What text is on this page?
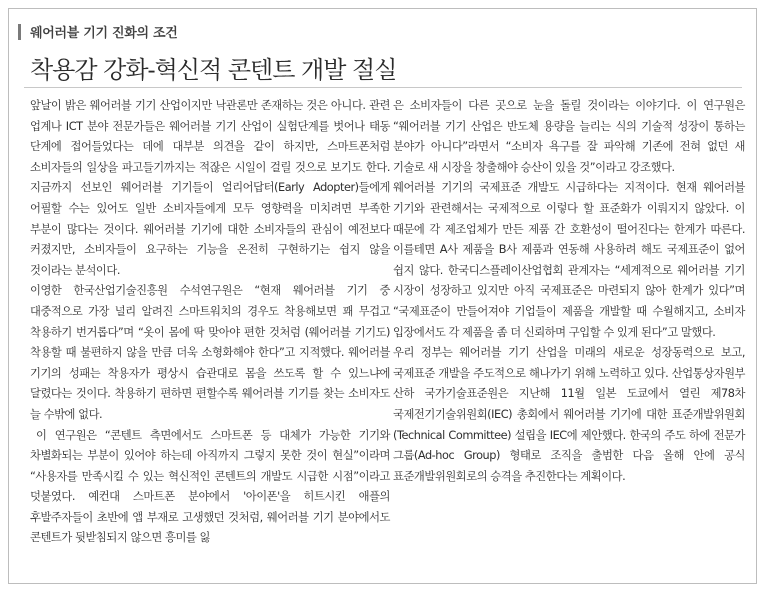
웨어러블 기기 진화의 조건
착용감 강화-혁신적 콘텐트 개발 절실

앞날이 밝은 웨어러블 기기 산업이지만 낙관론만 존재하는 것은 아니다. 관련 업계나 ICT 분야 전문가들은 웨어러블 기기 산업이 실험단계를 벗어나 태동 단계에 접어들었다는 데에 대부분 의견을 같이 하지만, 스마트폰처럼 소비자들의 일상을 파고들기까지는 적잖은 시일이 걸릴 것으로 보기도 한다. 지금까지 선보인 웨어러블 기기들이 얼리어답터(Early Adopter)들에게 어필할 수는 있어도 일반 소비자들에게 모두 영향력을 미치려면 부족한 부분이 많다는 것이다. 웨어러블 기기에 대한 소비자들의 관심이 예전보다 커졌지만, 소비자들이 요구하는 기능을 온전히 구현하기는 쉽지 않을 것이라는 분석이다.

이영한 한국산업기술진흥원 수석연구원은 “현재 웨어러블 기기 중 대중적으로 가장 널리 알려진 스마트워치의 경우도 착용해보면 꽤 무겁고 착용하기 번거롭다”며 “옷이 몸에 딱 맞아야 편한 것처럼 (웨어러블 기기도) 착용할 때 불편하지 않을 만큼 더욱 소형화해야 한다”고 지적했다. 웨어러블 기기의 성패는 착용자가 평상시 습관대로 몸을 쓰도록 할 수 있느냐에 달렸다는 것이다. 착용하기 편하면 편할수록 웨어러블 기기를 찾는 소비자도 늘 수밖에 없다.

이 연구원은 “콘텐트 측면에서도 스마트폰 등 대체가 가능한 기기와 차별화되는 부분이 있어야 하는데 아직까지 그렇지 못한 것이 현실”이라며 “사용자를 만족시킬 수 있는 혁신적인 콘텐트의 개발도 시급한 시점”이라고 덧붙였다. 예컨대 스마트폰 분야에서 '아이폰'을 히트시킨 애플의 후발주자들이 초반에 앱 부재로 고생했던 것처럼, 웨어러블 기기 분야에서도 콘텐트가 뒷받침되지 않으면 흥미를 잃

은 소비자들이 다른 곳으로 눈을 돌릴 것이라는 이야기다. 이 연구원은 “웨어러블 기기 산업은 반도체 용량을 늘리는 식의 기술적 성장이 통하는 분야가 아니다”라면서 “소비자 욕구를 잘 파악해 기존에 전혀 없던 새 기술로 새 시장을 창출해야 승산이 있을 것”이라고 강조했다.

웨어러블 기기의 국제표준 개발도 시급하다는 지적이다. 현재 웨어러블 기기와 관련해서는 국제적으로 이렇다 할 표준화가 이뤄지지 않았다. 이 때문에 각 제조업체가 만든 제품 간 호환성이 떨어진다는 한계가 따른다. 이를테면 A사 제품을 B사 제품과 연동해 사용하려 해도 국제표준이 없어 쉽지 않다. 한국디스플레이산업협회 관계자는 “세계적으로 웨어러블 기기 시장이 성장하고 있지만 아직 국제표준은 마련되지 않아 한계가 있다”며 “국제표준이 만들어져야 기업들이 제품을 개발할 때 수월해지고, 소비자 입장에서도 각 제품을 좀 더 신뢰하며 구입할 수 있게 된다”고 말했다.

우리 정부는 웨어러블 기기 산업을 미래의 새로운 성장동력으로 보고, 국제표준 개발을 주도적으로 해나가기 위해 노력하고 있다. 산업통상자원부 산하 국가기술표준원은 지난해 11월 일본 도쿄에서 열린 제78차 국제전기기술위원회(IEC) 총회에서 웨어러블 기기에 대한 표준개발위원회(Technical Committee) 설립을 IEC에 제안했다. 한국의 주도 하에 전문가 그룹(Ad-hoc Group) 형태로 조직을 출범한 다음 올해 안에 공식 표준개발위원회로의 승격을 추진한다는 계획이다.
